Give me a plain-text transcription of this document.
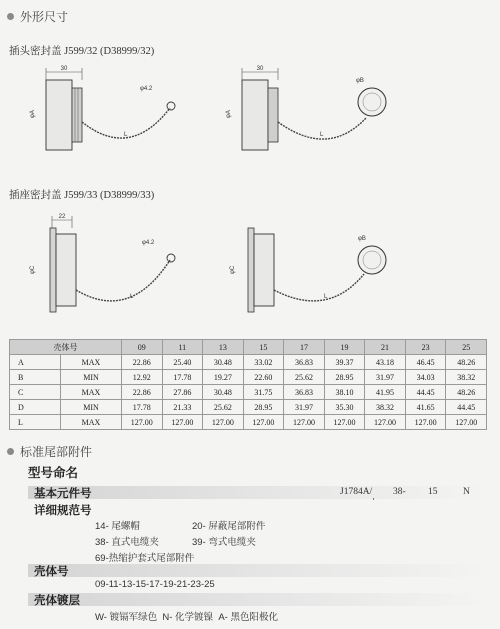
外形尺寸
插头密封盖 J599/32 (D38999/32)
30
φA
φ4.2
L
30
φA
φB
L
插座密封盖 J599/33 (D38999/33)
22
φC
φ4.2
L
φC
φB
L
壳体号		09	11	13	15	17	19	21	23	25
A	MAX	22.86	25.40	30.48	33.02	36.83	39.37	43.18	46.45	48.26
B	MIN	12.92	17.78	19.27	22.60	25.62	28.95	31.97	34.03	38.32
C	MAX	22.86	27.86	30.48	31.75	36.83	38.10	41.95	44.45	48.26
D	MIN	17.78	21.33	25.62	28.95	31.97	35.30	38.32	41.65	44.45
L	MAX	127.00	127.00	127.00	127.00	127.00	127.00	127.00	127.00	127.00
标准尾部附件
型号命名
基本元件号	J1784A/ 38- 15	N
详细规范号
14- 尾螺帽	20- 屏蔽尾部附件
38- 直式电缆夹	39- 弯式电缆夹
69-热缩护套式尾部附件
壳体号
09-11-13-15-17-19-21-23-25
壳体镀层
W- 镀镉军绿色  N- 化学镀镍  A- 黑色阳极化
